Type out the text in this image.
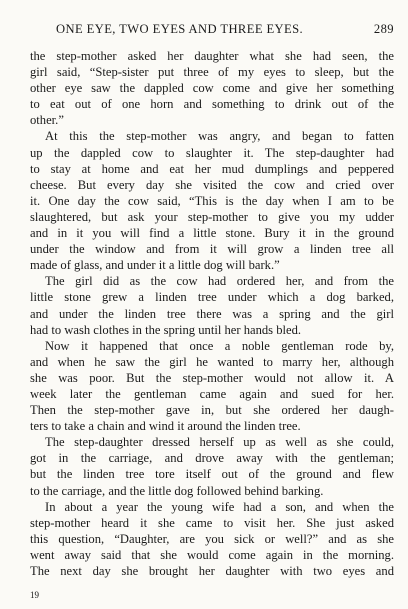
ONE EYE, TWO EYES AND THREE EYES.	289
the step-mother asked her daughter what she had seen, the
girl said, “Step-sister put three of my eyes to sleep, but the
other eye saw the dappled cow come and give her something
to eat out of one horn and something to drink out of the
other.”
At this the step-mother was angry, and began to fatten
up the dappled cow to slaughter it. The step-daughter had
to stay at home and eat her mud dumplings and peppered
cheese. But every day she visited the cow and cried over
it. One day the cow said, “This is the day when I am to be
slaughtered, but ask your step-mother to give you my udder
and in it you will find a little stone. Bury it in the ground
under the window and from it will grow a linden tree all
made of glass, and under it a little dog will bark.”
The girl did as the cow had ordered her, and from the
little stone grew a linden tree under which a dog barked,
and under the linden tree there was a spring and the girl
had to wash clothes in the spring until her hands bled.
Now it happened that once a noble gentleman rode by,
and when he saw the girl he wanted to marry her, although
she was poor. But the step-mother would not allow it. A
week later the gentleman came again and sued for her.
Then the step-mother gave in, but she ordered her daugh-
ters to take a chain and wind it around the linden tree.
The step-daughter dressed herself up as well as she could,
got in the carriage, and drove away with the gentleman;
but the linden tree tore itself out of the ground and flew
to the carriage, and the little dog followed behind barking.
In about a year the young wife had a son, and when the
step-mother heard it she came to visit her. She just asked
this question, “Daughter, are you sick or well?” and as she
went away said that she would come again in the morning.
The next day she brought her daughter with two eyes and
19
